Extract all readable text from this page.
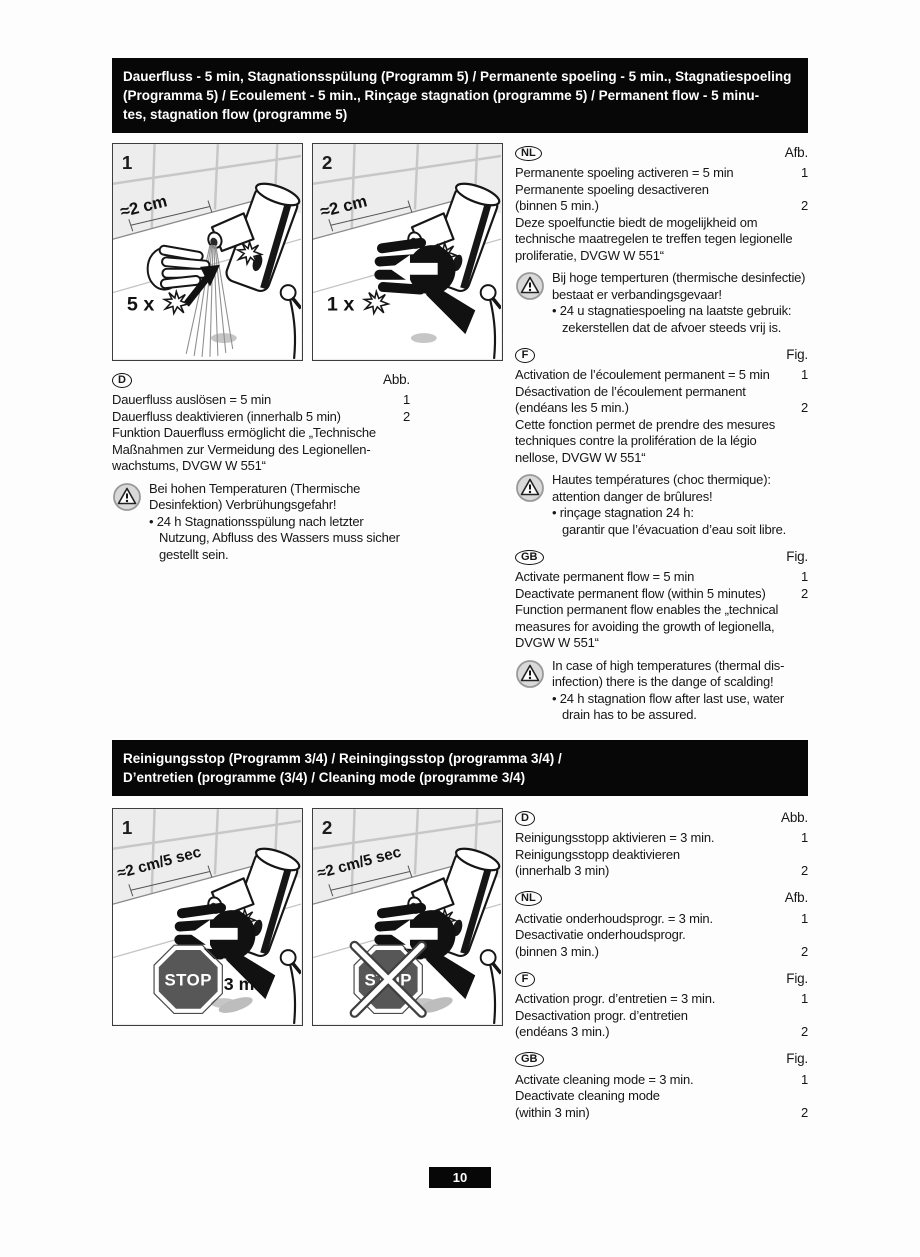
Dauerfluss - 5 min, Stagnationsspülung (Programm 5) / Permanente spoeling - 5 min., Stagnatiespoeling
(Programma 5) / Ecoulement - 5 min., Rinçage stagnation (programme 5) / Permanent flow - 5 minu-
tes, stagnation flow (programme 5)
1
≈2 cm
5 x
2
≈2 cm
1 x
D	Abb.
Dauerfluss auslösen = 5 min	1
Dauerfluss deaktivieren (innerhalb 5 min)	2
Funktion Dauerfluss ermöglicht die „Technische
Maßnahmen zur Vermeidung des Legionellen-
wachstums, DVGW W 551“
Bei hohen Temperaturen (Thermische
Desinfektion) Verbrühungsgefahr!
• 24 h Stagnationsspülung nach letzter
Nutzung, Abfluss des Wassers muss sicher
gestellt sein.
NL	Afb.
Permanente spoeling activeren = 5 min	1
Permanente spoeling desactiveren
(binnen 5 min.)	2
Deze spoelfunctie biedt de mogelijkheid om
technische maatregelen te treffen tegen legionelle
proliferatie, DVGW W 551“
Bij hoge temperturen (thermische desinfectie)
bestaat er verbandingsgevaar!
• 24 u stagnatiespoeling na laatste gebruik:
zekerstellen dat de afvoer steeds vrij is.
F	Fig.
Activation de l’écoulement permanent = 5 min 1
Désactivation de l’écoulement permanent
(endéans les 5 min.)	2
Cette fonction permet de prendre des mesures
techniques contre la prolifération de la légio
nellose, DVGW W 551“
Hautes températures (choc thermique):
attention danger de brûlures!
• rinçage stagnation 24 h:
garantir que l’évacuation d’eau soit libre.
GB	Fig.
Activate permanent flow = 5 min	1
Deactivate permanent flow (within 5 minutes)	2
Function permanent flow enables the „technical
measures for avoiding the growth of legionella,
DVGW W 551“
In case of high temperatures (thermal dis-
infection) there is the dange of scalding!
• 24 h stagnation flow after last use, water
drain has to be assured.
Reinigungsstop (Programm 3/4) / Reiningingsstop (programma 3/4) /
D’entretien (programme (3/4) / Cleaning mode (programme 3/4)
STOP 3 min
1
≈2 cm/5 sec
STOP
2
≈2 cm/5 sec
D	Abb.
Reinigungsstopp aktivieren = 3 min.	1
Reinigungsstopp deaktivieren
(innerhalb 3 min)	2
NL	Afb.
Activatie onderhoudsprogr. = 3 min.	1
Desactivatie onderhoudsprogr.
(binnen 3 min.)	2
F	Fig.
Activation progr. d’entretien = 3 min.	1
Desactivation progr. d’entretien
(endéans 3 min.)	2
GB	Fig.
Activate cleaning mode = 3 min.	1
Deactivate cleaning mode
(within 3 min)	2
10
